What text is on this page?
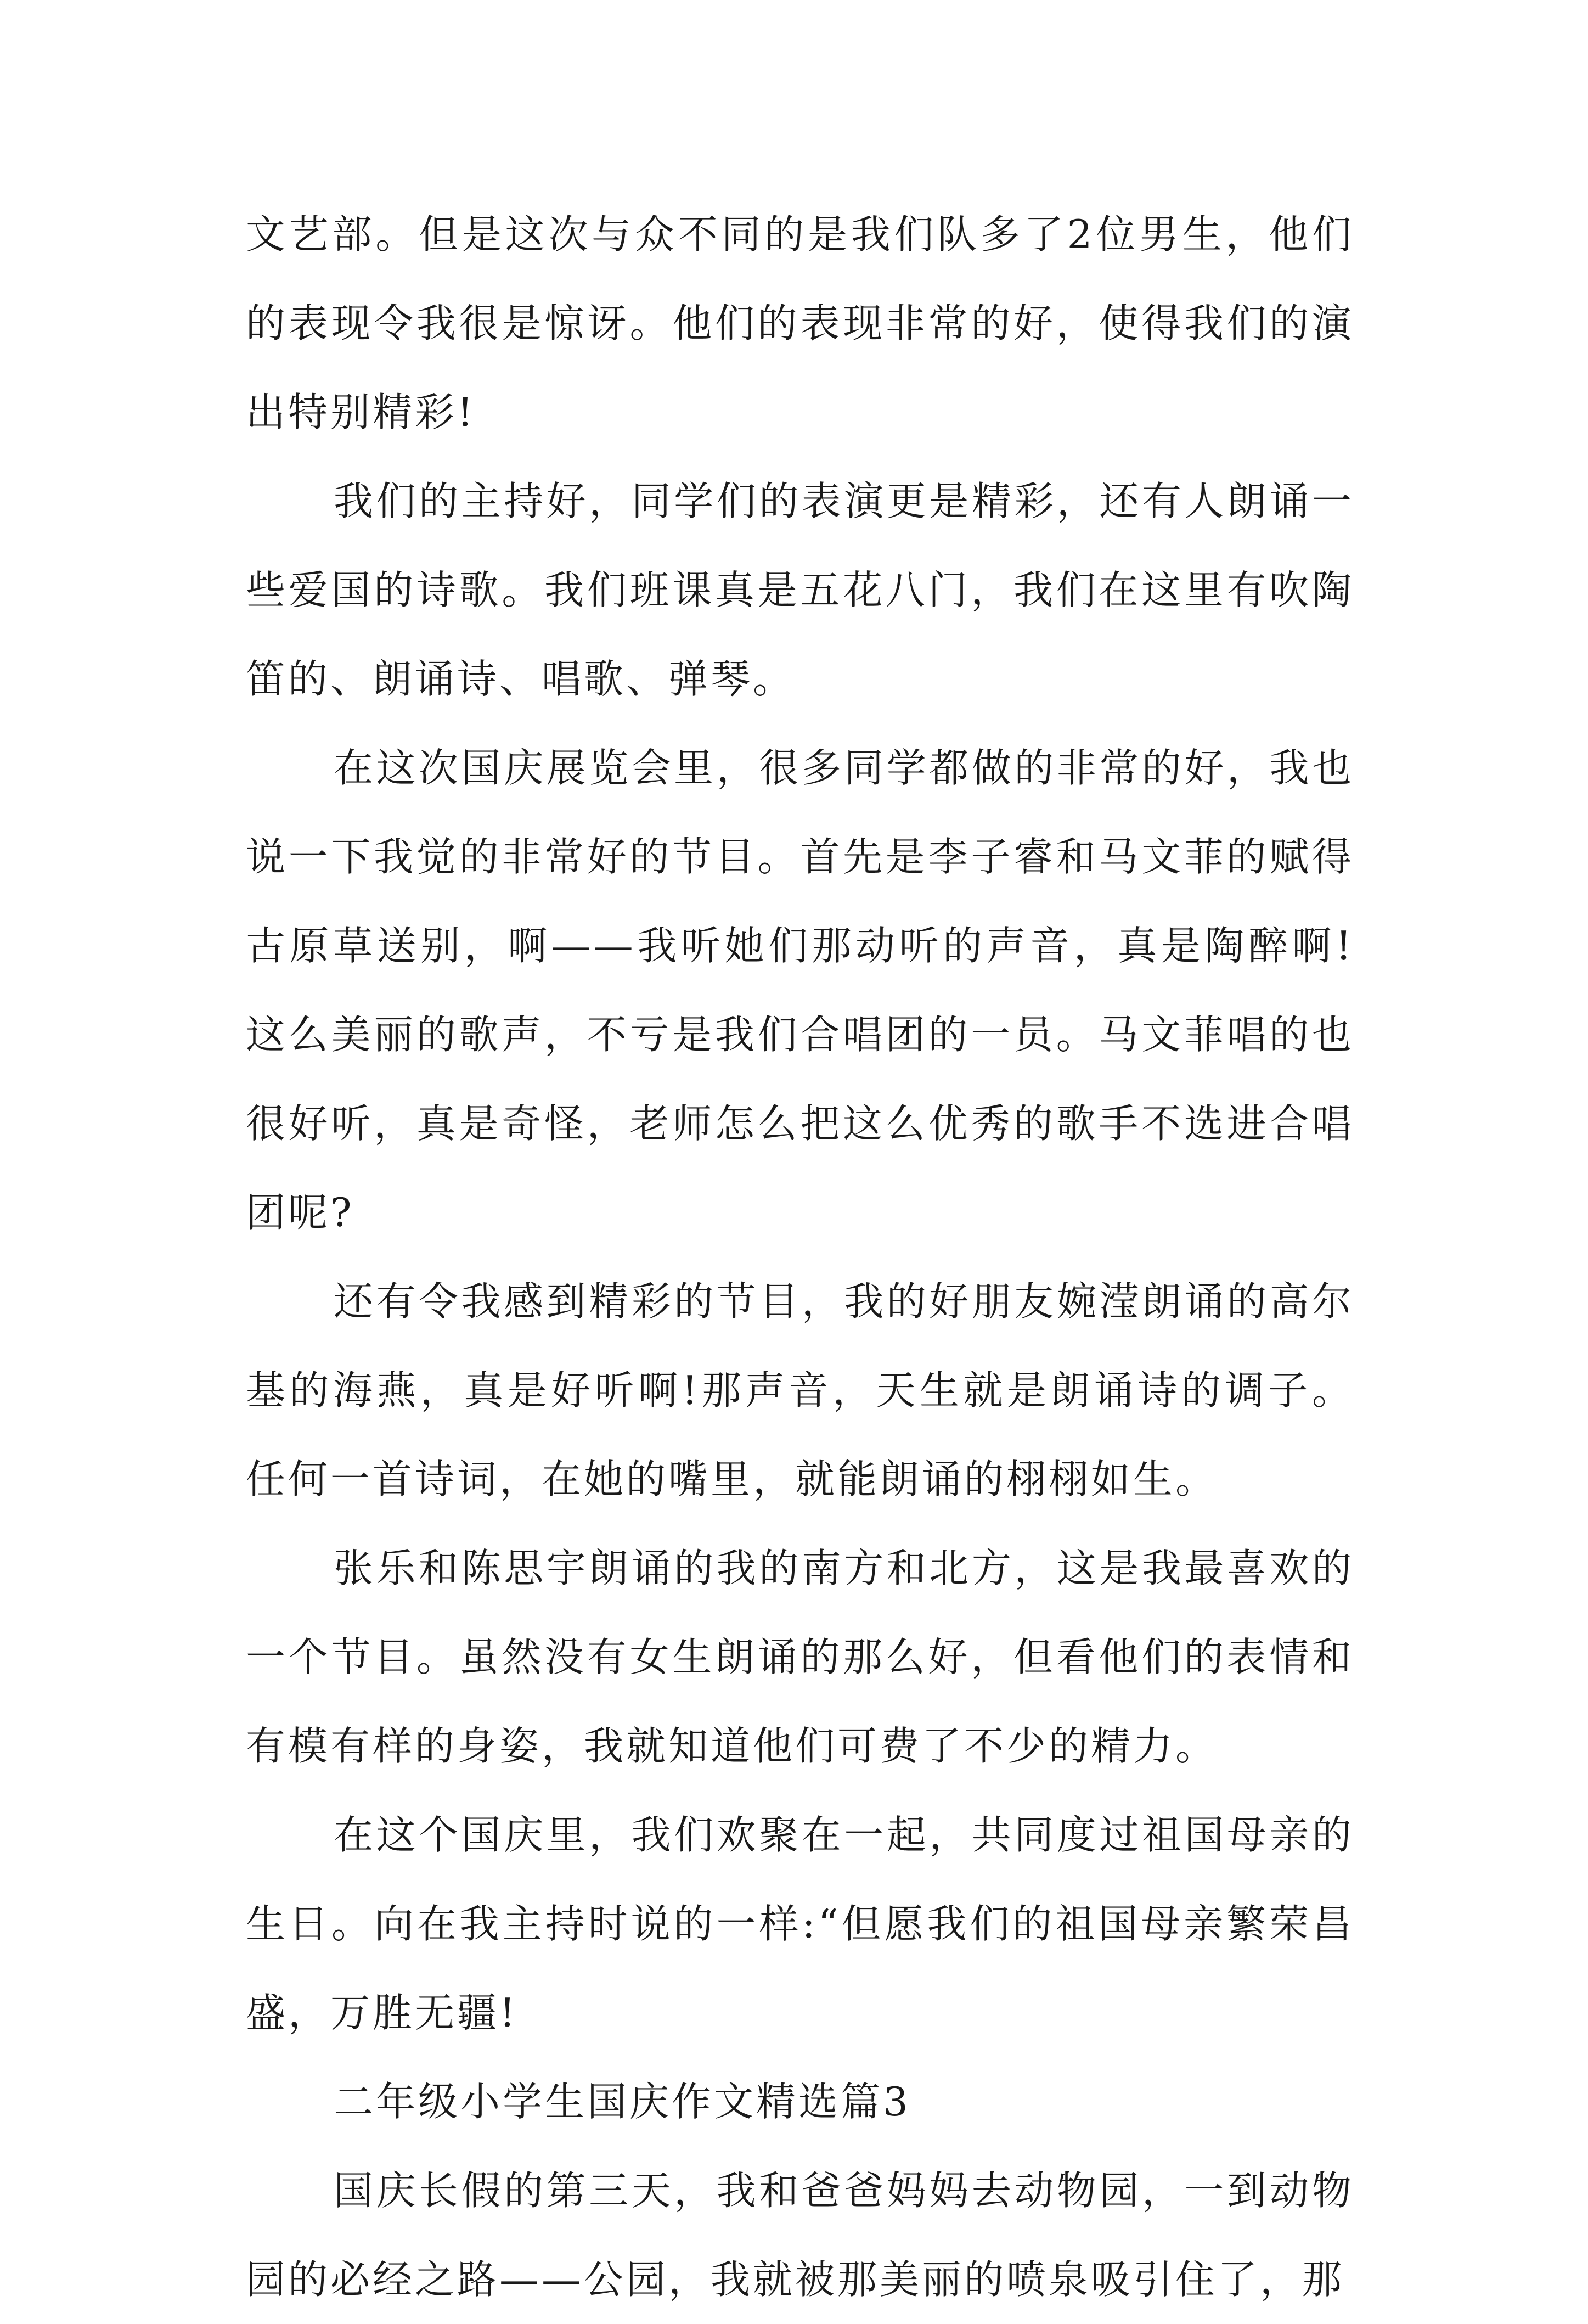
文艺部。但是这次与众不同的是我们队多了2位男生，他们的表现令我很是惊讶。他们的表现非常的好，使得我们的演出特别精彩!

我们的主持好，同学们的表演更是精彩，还有人朗诵一些爱国的诗歌。我们班课真是五花八门，我们在这里有吹陶笛的、朗诵诗、唱歌、弹琴。

在这次国庆展览会里，很多同学都做的非常的好，我也说一下我觉的非常好的节目。首先是李子睿和马文菲的赋得古原草送别，啊——我听她们那动听的声音，真是陶醉啊!这么美丽的歌声，不亏是我们合唱团的一员。马文菲唱的也很好听，真是奇怪，老师怎么把这么优秀的歌手不选进合唱团呢?

还有令我感到精彩的节目，我的好朋友婉滢朗诵的高尔基的海燕，真是好听啊!那声音，天生就是朗诵诗的调子。任何一首诗词，在她的嘴里，就能朗诵的栩栩如生。

张乐和陈思宇朗诵的我的南方和北方，这是我最喜欢的一个节目。虽然没有女生朗诵的那么好，但看他们的表情和有模有样的身姿，我就知道他们可费了不少的精力。

在这个国庆里，我们欢聚在一起，共同度过祖国母亲的生日。向在我主持时说的一样:“但愿我们的祖国母亲繁荣昌盛，万胜无疆!

二年级小学生国庆作文精选篇3

国庆长假的第三天，我和爸爸妈妈去动物园，一到动物园的必经之路——公园，我就被那美丽的喷泉吸引住了，那
